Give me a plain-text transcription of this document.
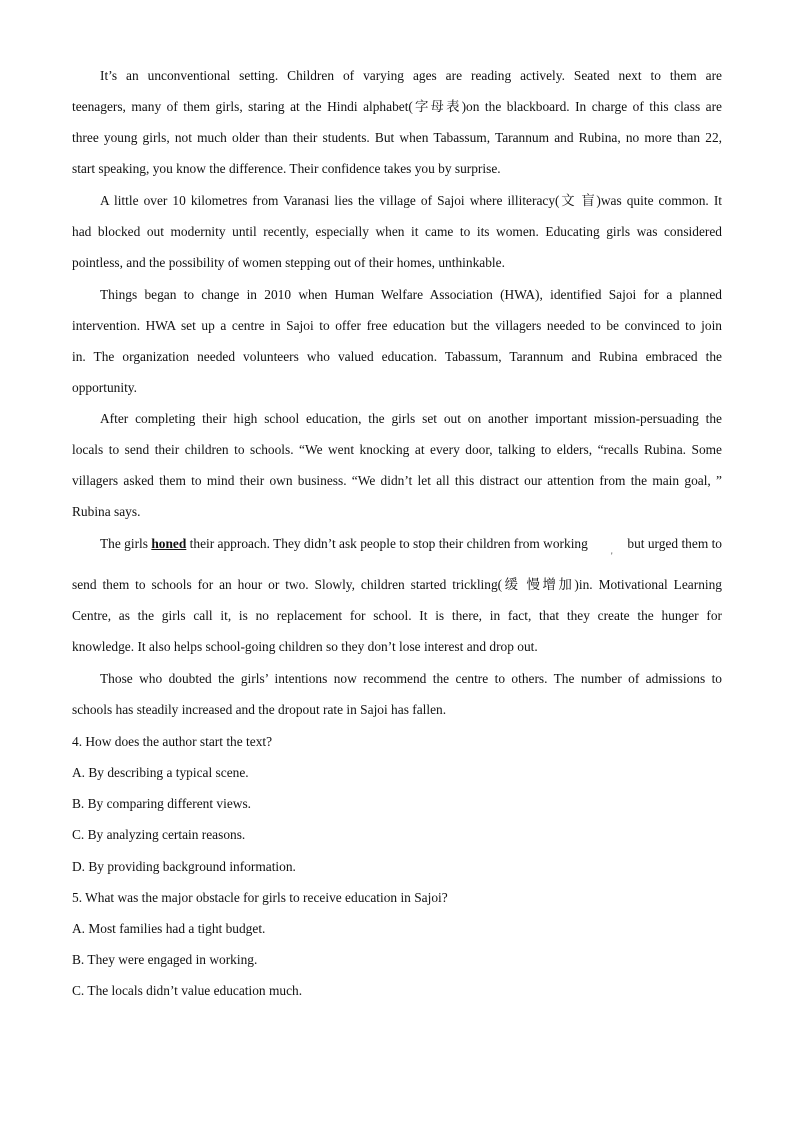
It’s an unconventional setting. Children of varying ages are reading actively. Seated next to them are
teenagers, many of them girls, staring at the Hindi alphabet(字母表)on the blackboard. In charge of this class are
three young girls, not much older than their students. But when Tabassum, Tarannum and Rubina, no more than 22,
start speaking, you know the difference. Their confidence takes you by surprise.
A little over 10 kilometres from Varanasi lies the village of Sajoi where illiteracy(文 盲)was quite common. It
had blocked out modernity until recently, especially when it came to its women. Educating girls was considered
pointless, and the possibility of women stepping out of their homes, unthinkable.
Things began to change in 2010 when Human Welfare Association (HWA), identified Sajoi for a planned
intervention. HWA set up a centre in Sajoi to offer free education but the villagers needed to be convinced to join
in. The organization needed volunteers who valued education. Tabassum, Tarannum and Rubina embraced the
opportunity.
After completing their high school education, the girls set out on another important mission-persuading the
locals to send their children to schools. “We went knocking at every door, talking to elders, “recalls Rubina. Some
villagers asked them to mind their own business. “We didn’t let all this distract our attention from the main goal, ”
Rubina says.
The girls honed their approach. They didn’t ask people to stop their children from working	but urged them to
send them to schools for an hour or two. Slowly, children started trickling(缓 慢增加)in. Motivational Learning
Centre, as the girls call it, is no replacement for school. It is there, in fact, that they create the hunger for
knowledge. It also helps school-going children so they don’t lose interest and drop out.
'
Those who doubted the girls’ intentions now recommend the centre to others. The number of admissions to
schools has steadily increased and the dropout rate in Sajoi has fallen.
4. How does the author start the text?
A. By describing a typical scene.
B. By comparing different views.
C. By analyzing certain reasons.
D. By providing background information.
5. What was the major obstacle for girls to receive education in Sajoi?
A. Most families had a tight budget.
B. They were engaged in working.
C. The locals didn’t value education much.
